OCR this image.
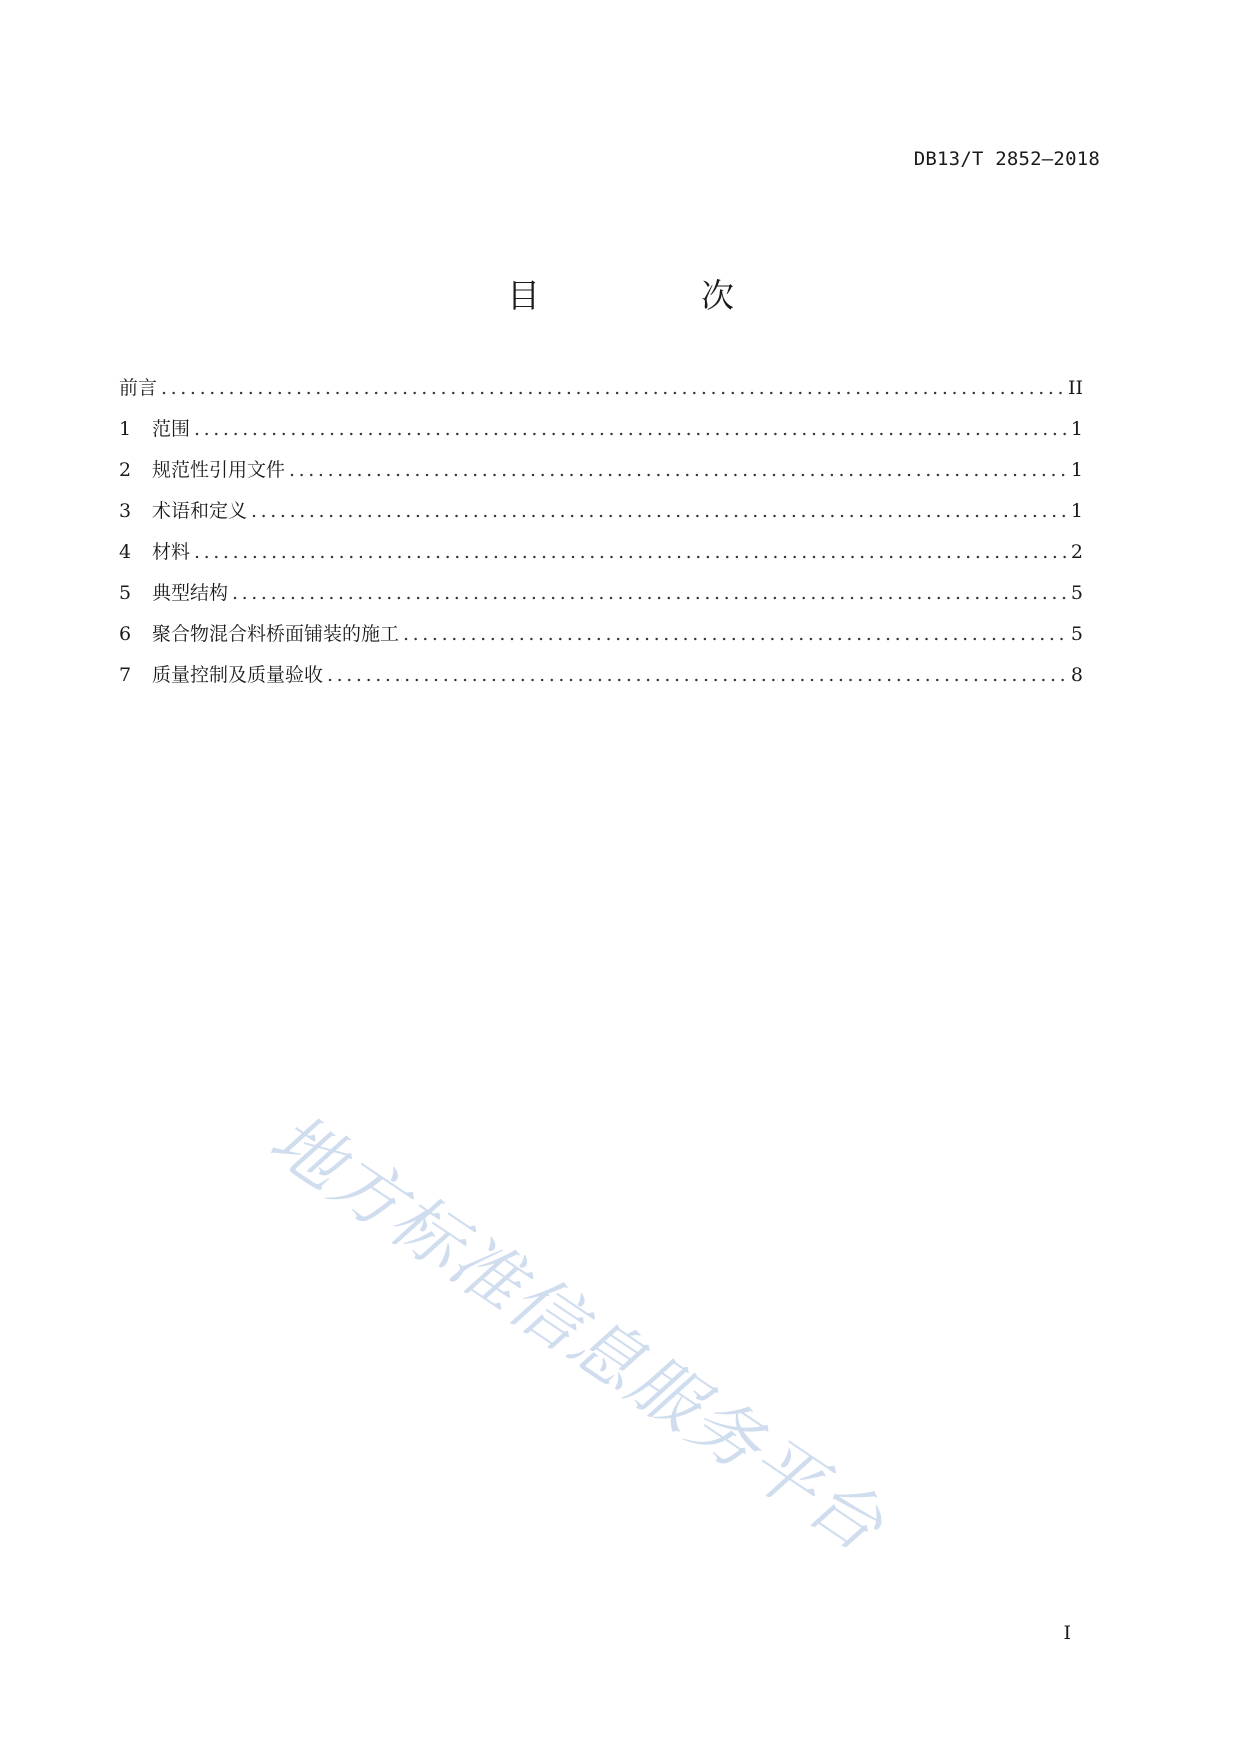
DB13/T 2852—2018
目　次
前言 .....	II
1	范围 .....	1
2	规范性引用文件 .....	1
3	术语和定义 .....	1
4	材料 .....	2
5	典型结构 .....	5
6	聚合物混合料桥面铺装的施工 .....	5
7	质量控制及质量验收 .....	8
地方标准信息服务平台
I
